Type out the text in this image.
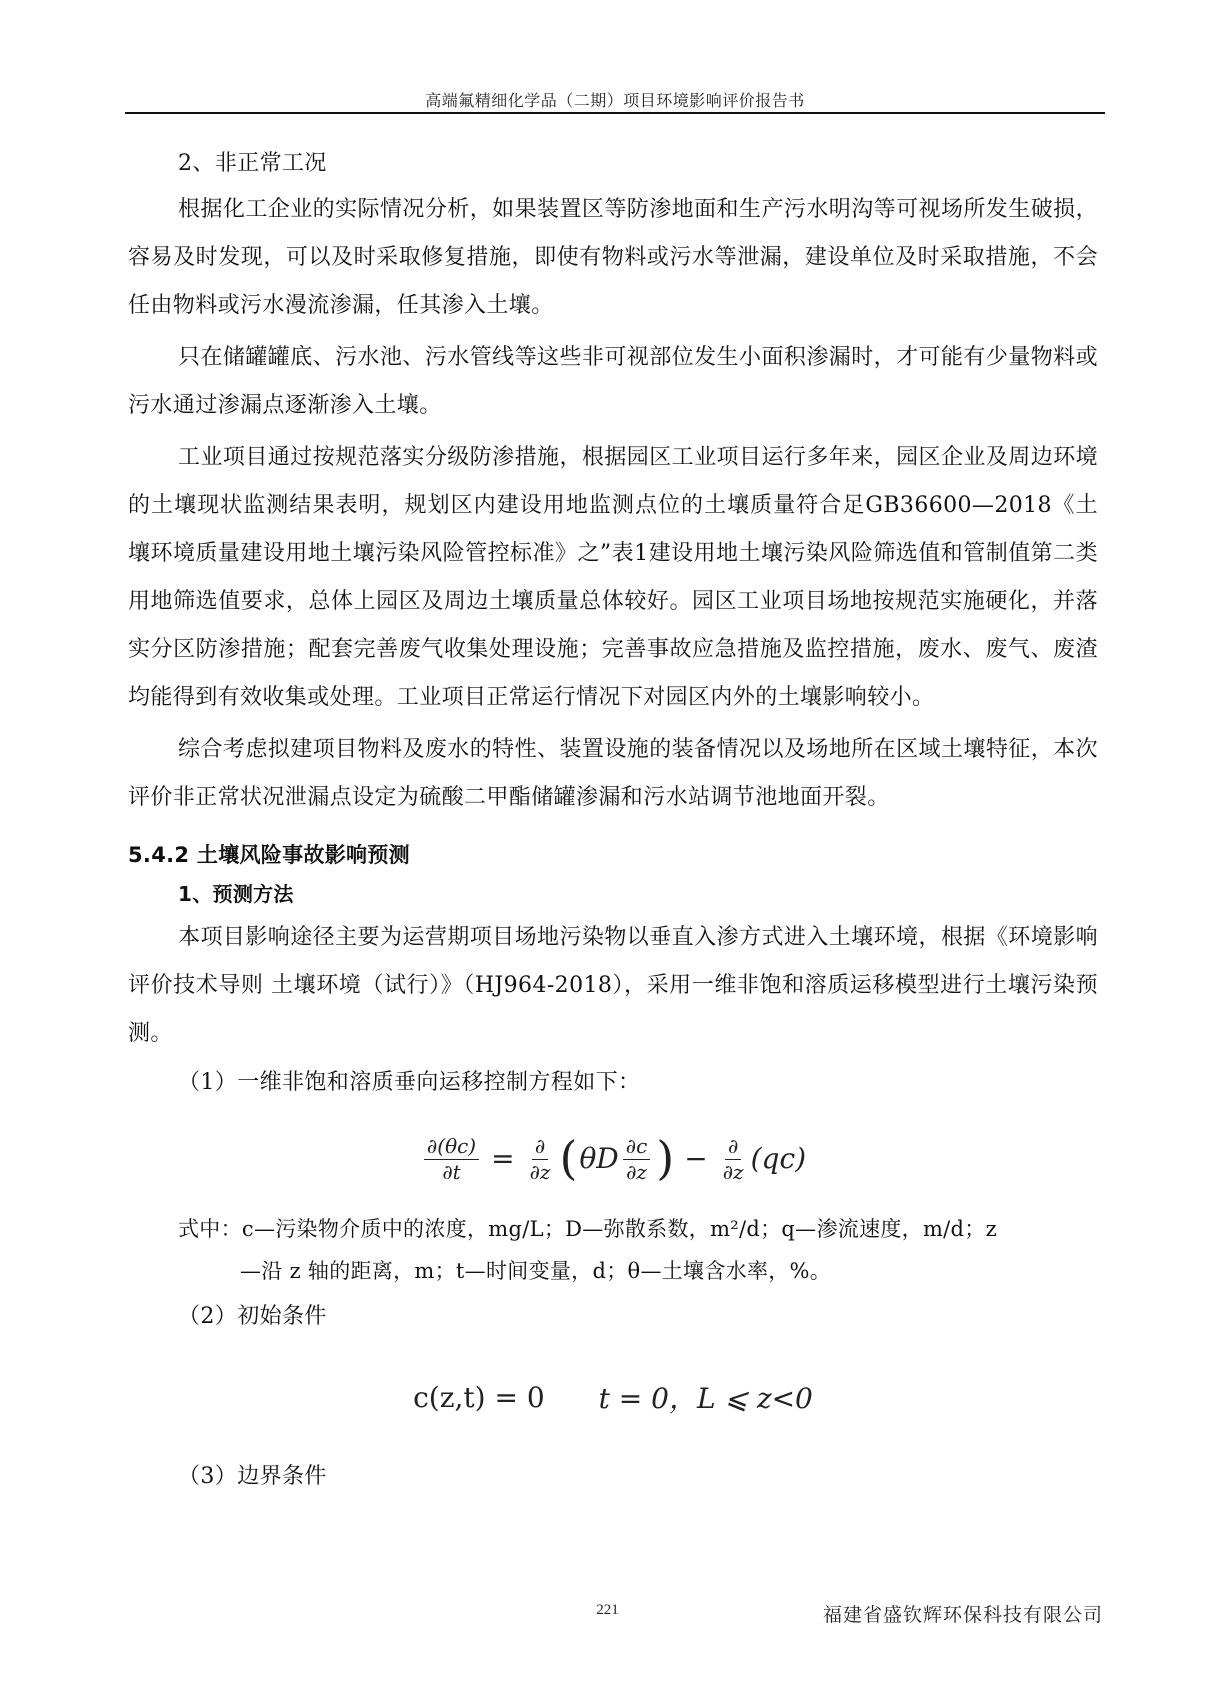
高端氟精细化学品（二期）项目环境影响评价报告书
2、非正常工况

根据化工企业的实际情况分析，如果装置区等防渗地面和生产污水明沟等可视场所发生破损，容易及时发现，可以及时采取修复措施，即使有物料或污水等泄漏，建设单位及时采取措施，不会任由物料或污水漫流渗漏，任其渗入土壤。

只在储罐罐底、污水池、污水管线等这些非可视部位发生小面积渗漏时，才可能有少量物料或污水通过渗漏点逐渐渗入土壤。

工业项目通过按规范落实分级防渗措施，根据园区工业项目运行多年来，园区企业及周边环境的土壤现状监测结果表明，规划区内建设用地监测点位的土壤质量符合足GB36600—2018《土壤环境质量建设用地土壤污染风险管控标准》之”表1建设用地土壤污染风险筛选值和管制值第二类用地筛选值要求，总体上园区及周边土壤质量总体较好。园区工业项目场地按规范实施硬化，并落实分区防渗措施；配套完善废气收集处理设施；完善事故应急措施及监控措施，废水、废气、废渣均能得到有效收集或处理。工业项目正常运行情况下对园区内外的土壤影响较小。

综合考虑拟建项目物料及废水的特性、装置设施的装备情况以及场地所在区域土壤特征，本次评价非正常状况泄漏点设定为硫酸二甲酯储罐渗漏和污水站调节池地面开裂。

5.4.2 土壤风险事故影响预测
1、预测方法

本项目影响途径主要为运营期项目场地污染物以垂直入渗方式进入土壤环境，根据《环境影响评价技术导则 土壤环境（试行）》（HJ964-2018），采用一维非饱和溶质运移模型进行土壤污染预测。

（1）一维非饱和溶质垂向运移控制方程如下：
$\frac{\partial(\theta c)}{\partial t} = \frac{\partial}{\partial z}$ ( θD $\frac{\partial c}{\partial z}$ ) − $\frac{\partial}{\partial z} (qc)$
式中：c—污染物介质中的浓度，mg/L；D—弥散系数，m²/d；q—渗流速度，m/d；z
—沿 z 轴的距离，m；t—时间变量，d；θ—土壤含水率，%。
（2）初始条件
c(z,t) = 0 t = 0，L ⩽ z<0
（3）边界条件
221	福建省盛钦辉环保科技有限公司
